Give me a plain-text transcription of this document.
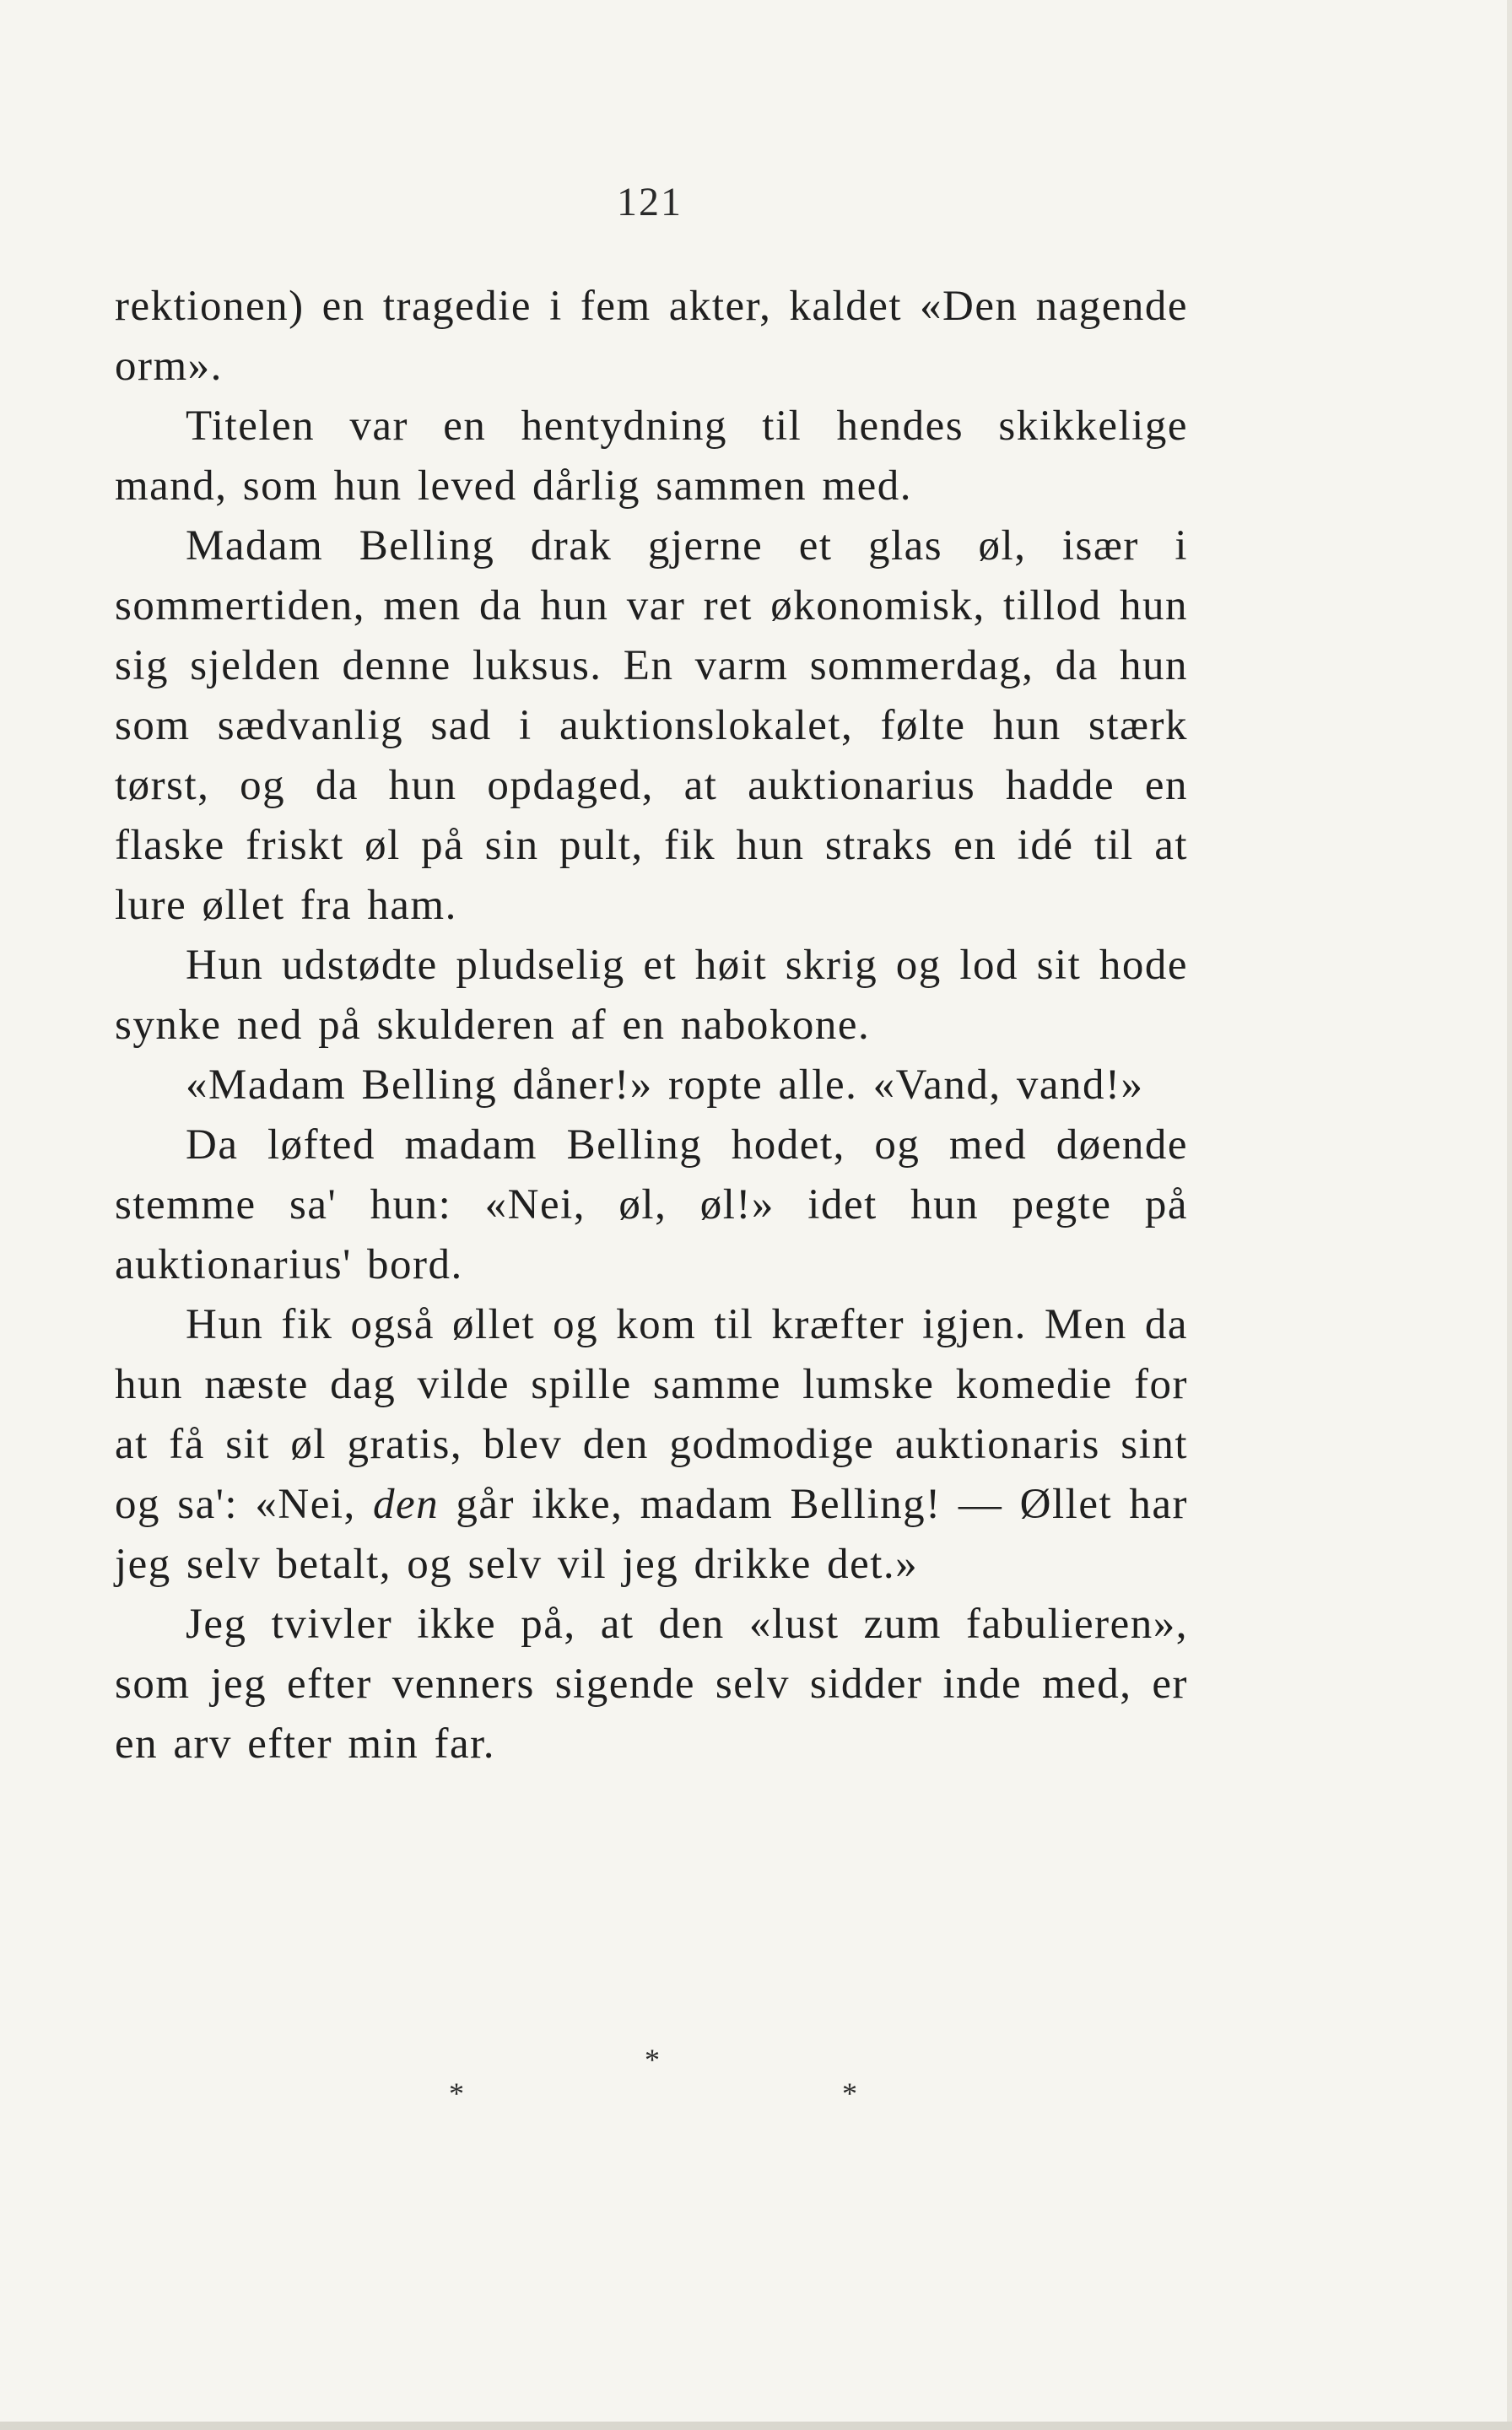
121

rektionen) en tragedie i fem akter, kaldet «Den nagende orm».

Titelen var en hentydning til hendes skikkelige mand, som hun leved dårlig sammen med.

Madam Belling drak gjerne et glas øl, især i sommertiden, men da hun var ret økonomisk, tillod hun sig sjelden denne luksus. En varm sommerdag, da hun som sædvanlig sad i auktionslokalet, følte hun stærk tørst, og da hun opdaged, at auktionarius hadde en flaske friskt øl på sin pult, fik hun straks en idé til at lure øllet fra ham.

Hun udstødte pludselig et høit skrig og lod sit hode synke ned på skulderen af en nabokone.

«Madam Belling dåner!» ropte alle. «Vand, vand!»

Da løfted madam Belling hodet, og med døende stemme sa' hun: «Nei, øl, øl!» idet hun pegte på auktionarius' bord.

Hun fik også øllet og kom til kræfter igjen. Men da hun næste dag vilde spille samme lumske komedie for at få sit øl gratis, blev den godmodige auktionaris sint og sa': «Nei, den går ikke, madam Belling! — Øllet har jeg selv betalt, og selv vil jeg drikke det.»

Jeg tvivler ikke på, at den «lust zum fabulieren», som jeg efter venners sigende selv sidder inde med, er en arv efter min far.

*
*	*
